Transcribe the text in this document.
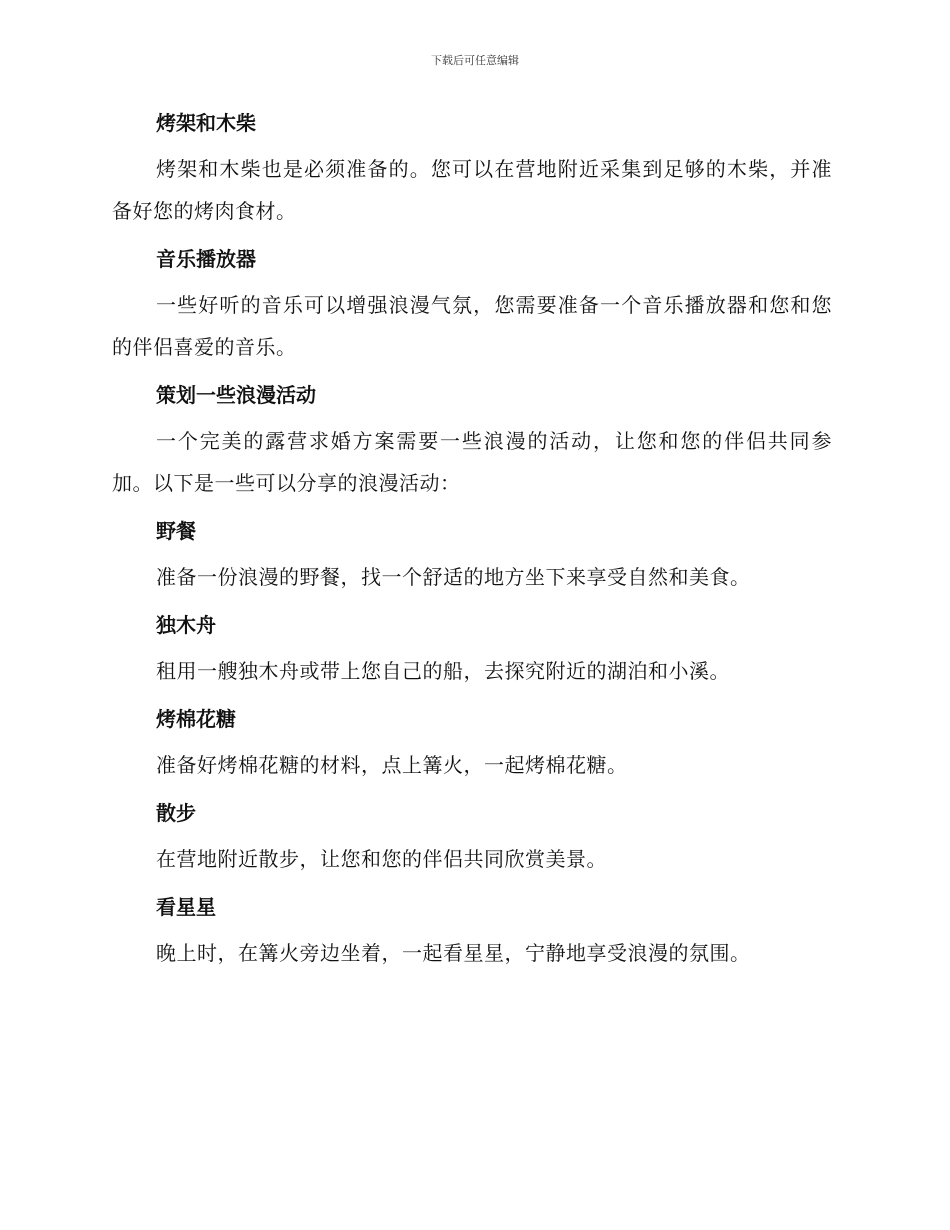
下载后可任意编辑
烤架和木柴

烤架和木柴也是必须准备的。您可以在营地附近采集到足够的木柴，并准备好您的烤肉食材。

音乐播放器

一些好听的音乐可以增强浪漫气氛，您需要准备一个音乐播放器和您和您的伴侣喜爱的音乐。

策划一些浪漫活动

一个完美的露营求婚方案需要一些浪漫的活动，让您和您的伴侣共同参加。以下是一些可以分享的浪漫活动：

野餐

准备一份浪漫的野餐，找一个舒适的地方坐下来享受自然和美食。

独木舟

租用一艘独木舟或带上您自己的船，去探究附近的湖泊和小溪。

烤棉花糖

准备好烤棉花糖的材料，点上篝火，一起烤棉花糖。

散步

在营地附近散步，让您和您的伴侣共同欣赏美景。

看星星

晚上时，在篝火旁边坐着，一起看星星，宁静地享受浪漫的氛围。
